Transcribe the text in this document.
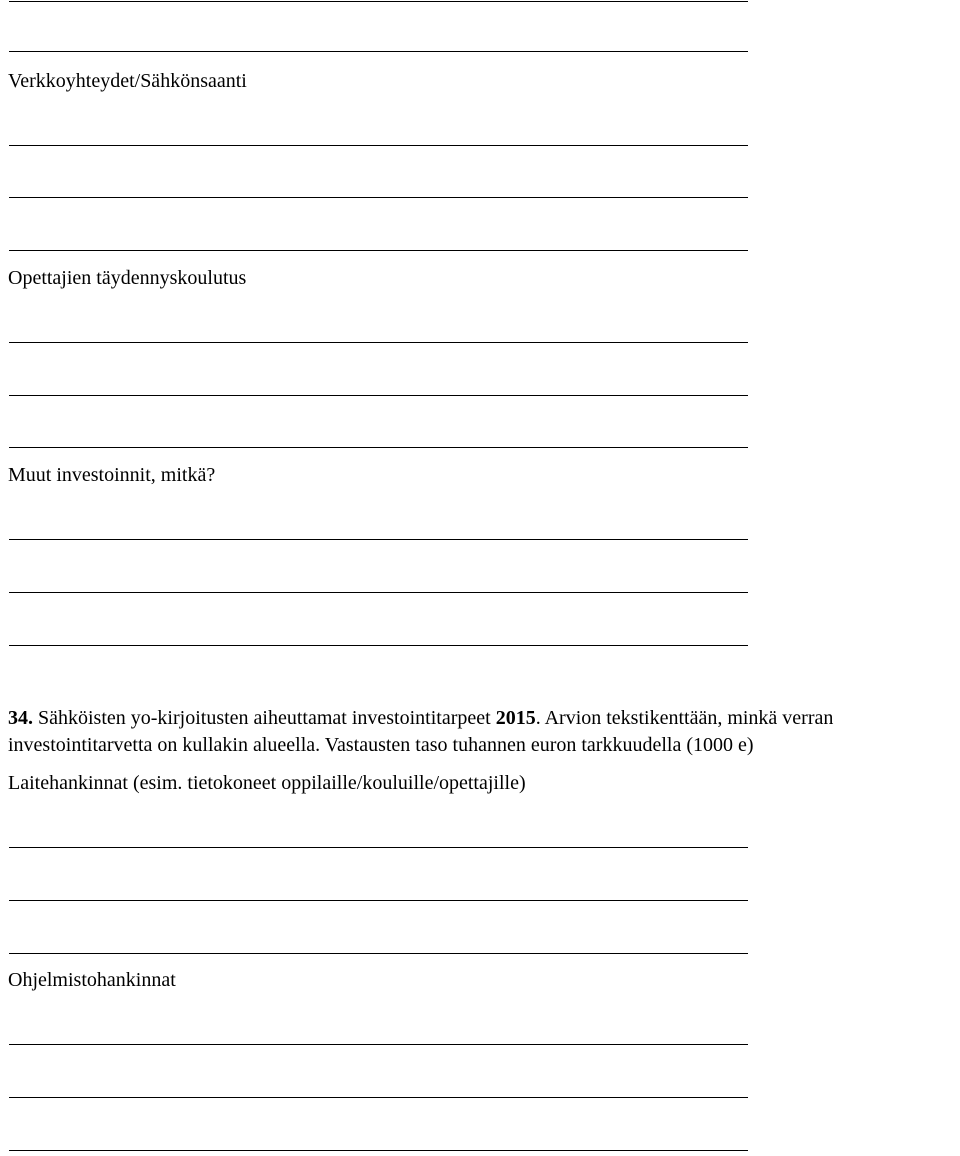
Verkkoyhteydet/Sähkönsaanti
Opettajien täydennyskoulutus
Muut investoinnit, mitkä?
34. Sähköisten yo-kirjoitusten aiheuttamat investointitarpeet 2015. Arvion tekstikenttään, minkä verran
investointitarvetta on kullakin alueella. Vastausten taso tuhannen euron tarkkuudella (1000 e)
Laitehankinnat (esim. tietokoneet oppilaille/kouluille/opettajille)
Ohjelmistohankinnat
